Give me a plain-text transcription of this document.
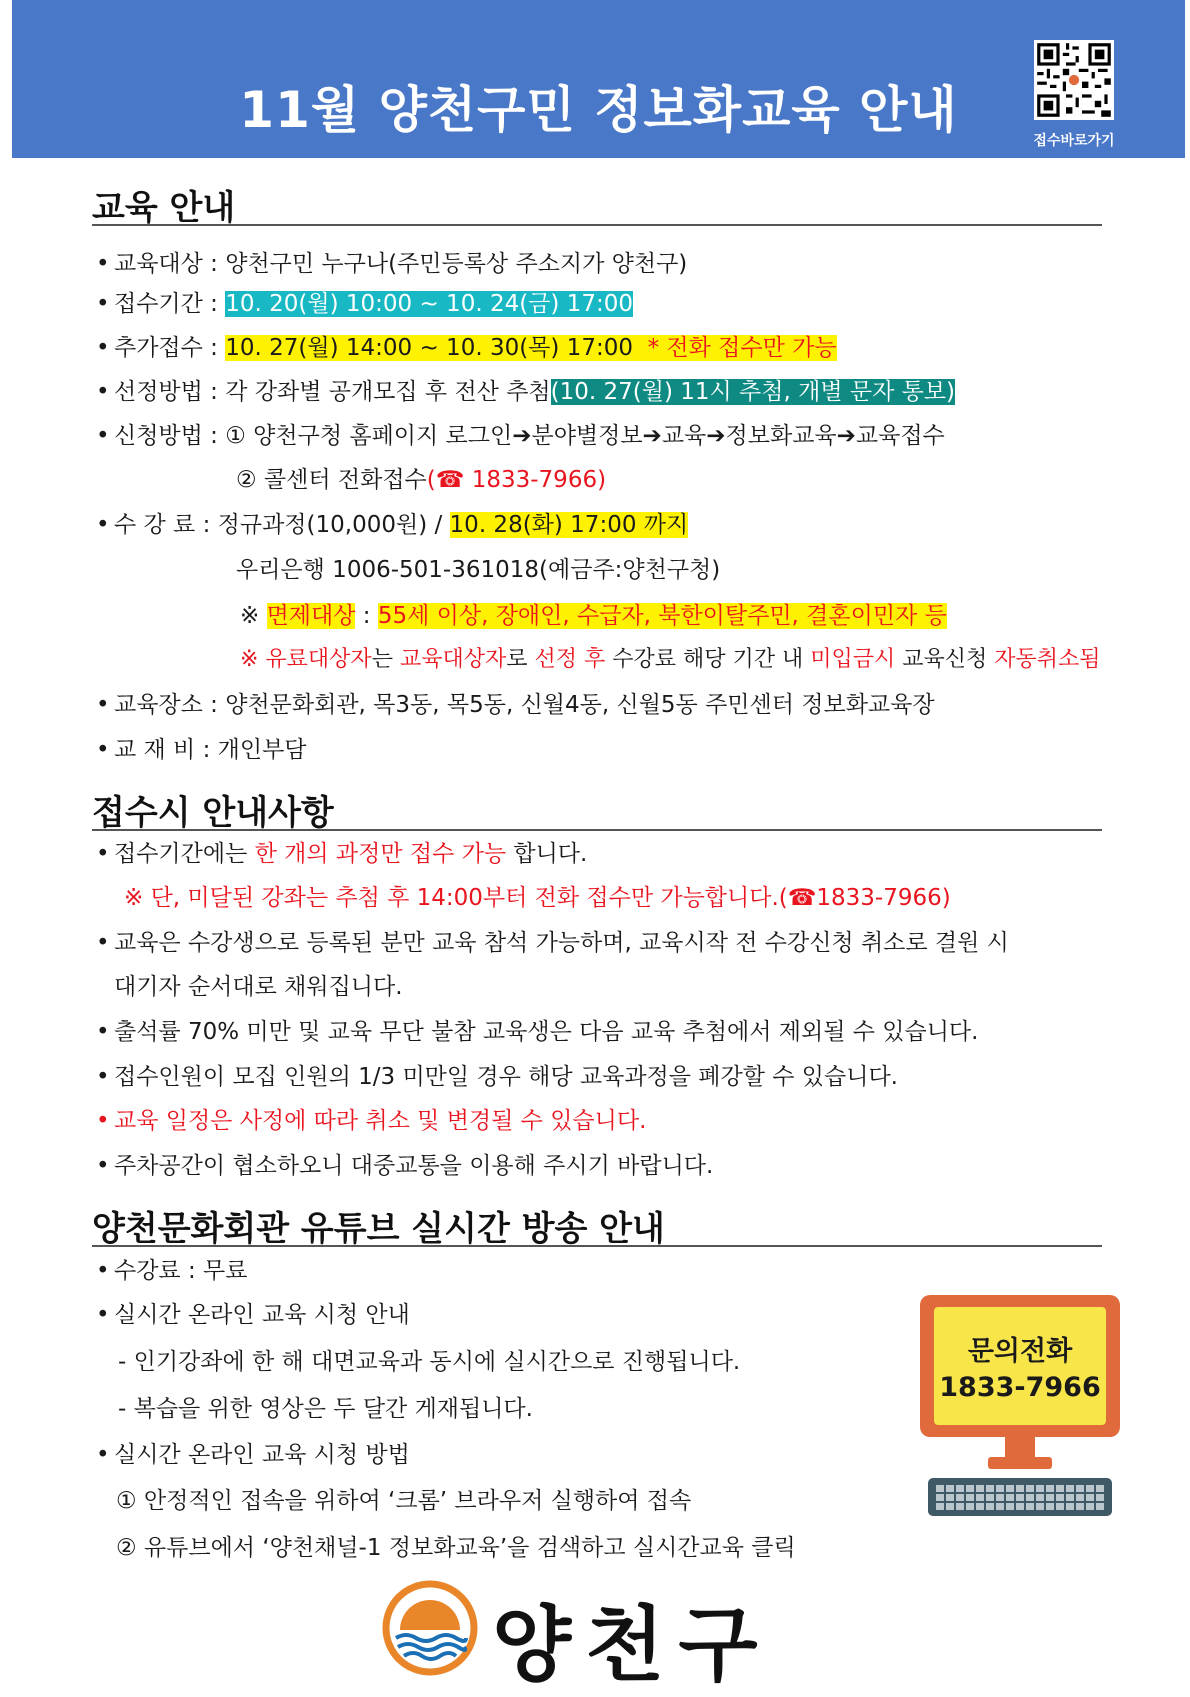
11월 양천구민 정보화교육 안내
접수바로가기
교육 안내
• 교육대상 : 양천구민 누구나(주민등록상 주소지가 양천구)
• 접수기간 : 10. 20(월) 10:00 ~ 10. 24(금) 17:00
• 추가접수 : 10. 27(월) 14:00 ~ 10. 30(목) 17:00 * 전화 접수만 가능
• 선정방법 : 각 강좌별 공개모집 후 전산 추첨(10. 27(월) 11시 추첨, 개별 문자 통보)
• 신청방법 : ① 양천구청 홈페이지 로그인➔분야별정보➔교육➔정보화교육➔교육접수
② 콜센터 전화접수(☎ 1833-7966)
• 수 강 료 : 정규과정(10,000원) / 10. 28(화) 17:00 까지
우리은행 1006-501-361018(예금주:양천구청)
※ 면제대상 : 55세 이상, 장애인, 수급자, 북한이탈주민, 결혼이민자 등
※ 유료대상자는 교육대상자로 선정 후 수강료 해당 기간 내 미입금시 교육신청 자동취소됨
• 교육장소 : 양천문화회관, 목3동, 목5동, 신월4동, 신월5동 주민센터 정보화교육장
• 교 재 비 : 개인부담
접수시 안내사항
• 접수기간에는 한 개의 과정만 접수 가능 합니다.
※ 단, 미달된 강좌는 추첨 후 14:00부터 전화 접수만 가능합니다.(☎1833-7966)
• 교육은 수강생으로 등록된 분만 교육 참석 가능하며, 교육시작 전 수강신청 취소로 결원 시
대기자 순서대로 채워집니다.
• 출석률 70% 미만 및 교육 무단 불참 교육생은 다음 교육 추첨에서 제외될 수 있습니다.
• 접수인원이 모집 인원의 1/3 미만일 경우 해당 교육과정을 폐강할 수 있습니다.
• 교육 일정은 사정에 따라 취소 및 변경될 수 있습니다.
• 주차공간이 협소하오니 대중교통을 이용해 주시기 바랍니다.
양천문화회관 유튜브 실시간 방송 안내
• 수강료 : 무료
• 실시간 온라인 교육 시청 안내
- 인기강좌에 한 해 대면교육과 동시에 실시간으로 진행됩니다.
- 복습을 위한 영상은 두 달간 게재됩니다.
• 실시간 온라인 교육 시청 방법
① 안정적인 접속을 위하여 ‘크롬’ 브라우저 실행하여 접속
② 유튜브에서 ‘양천채널-1 정보화교육’을 검색하고 실시간교육 클릭
문의전화
1833-7966
양천구
